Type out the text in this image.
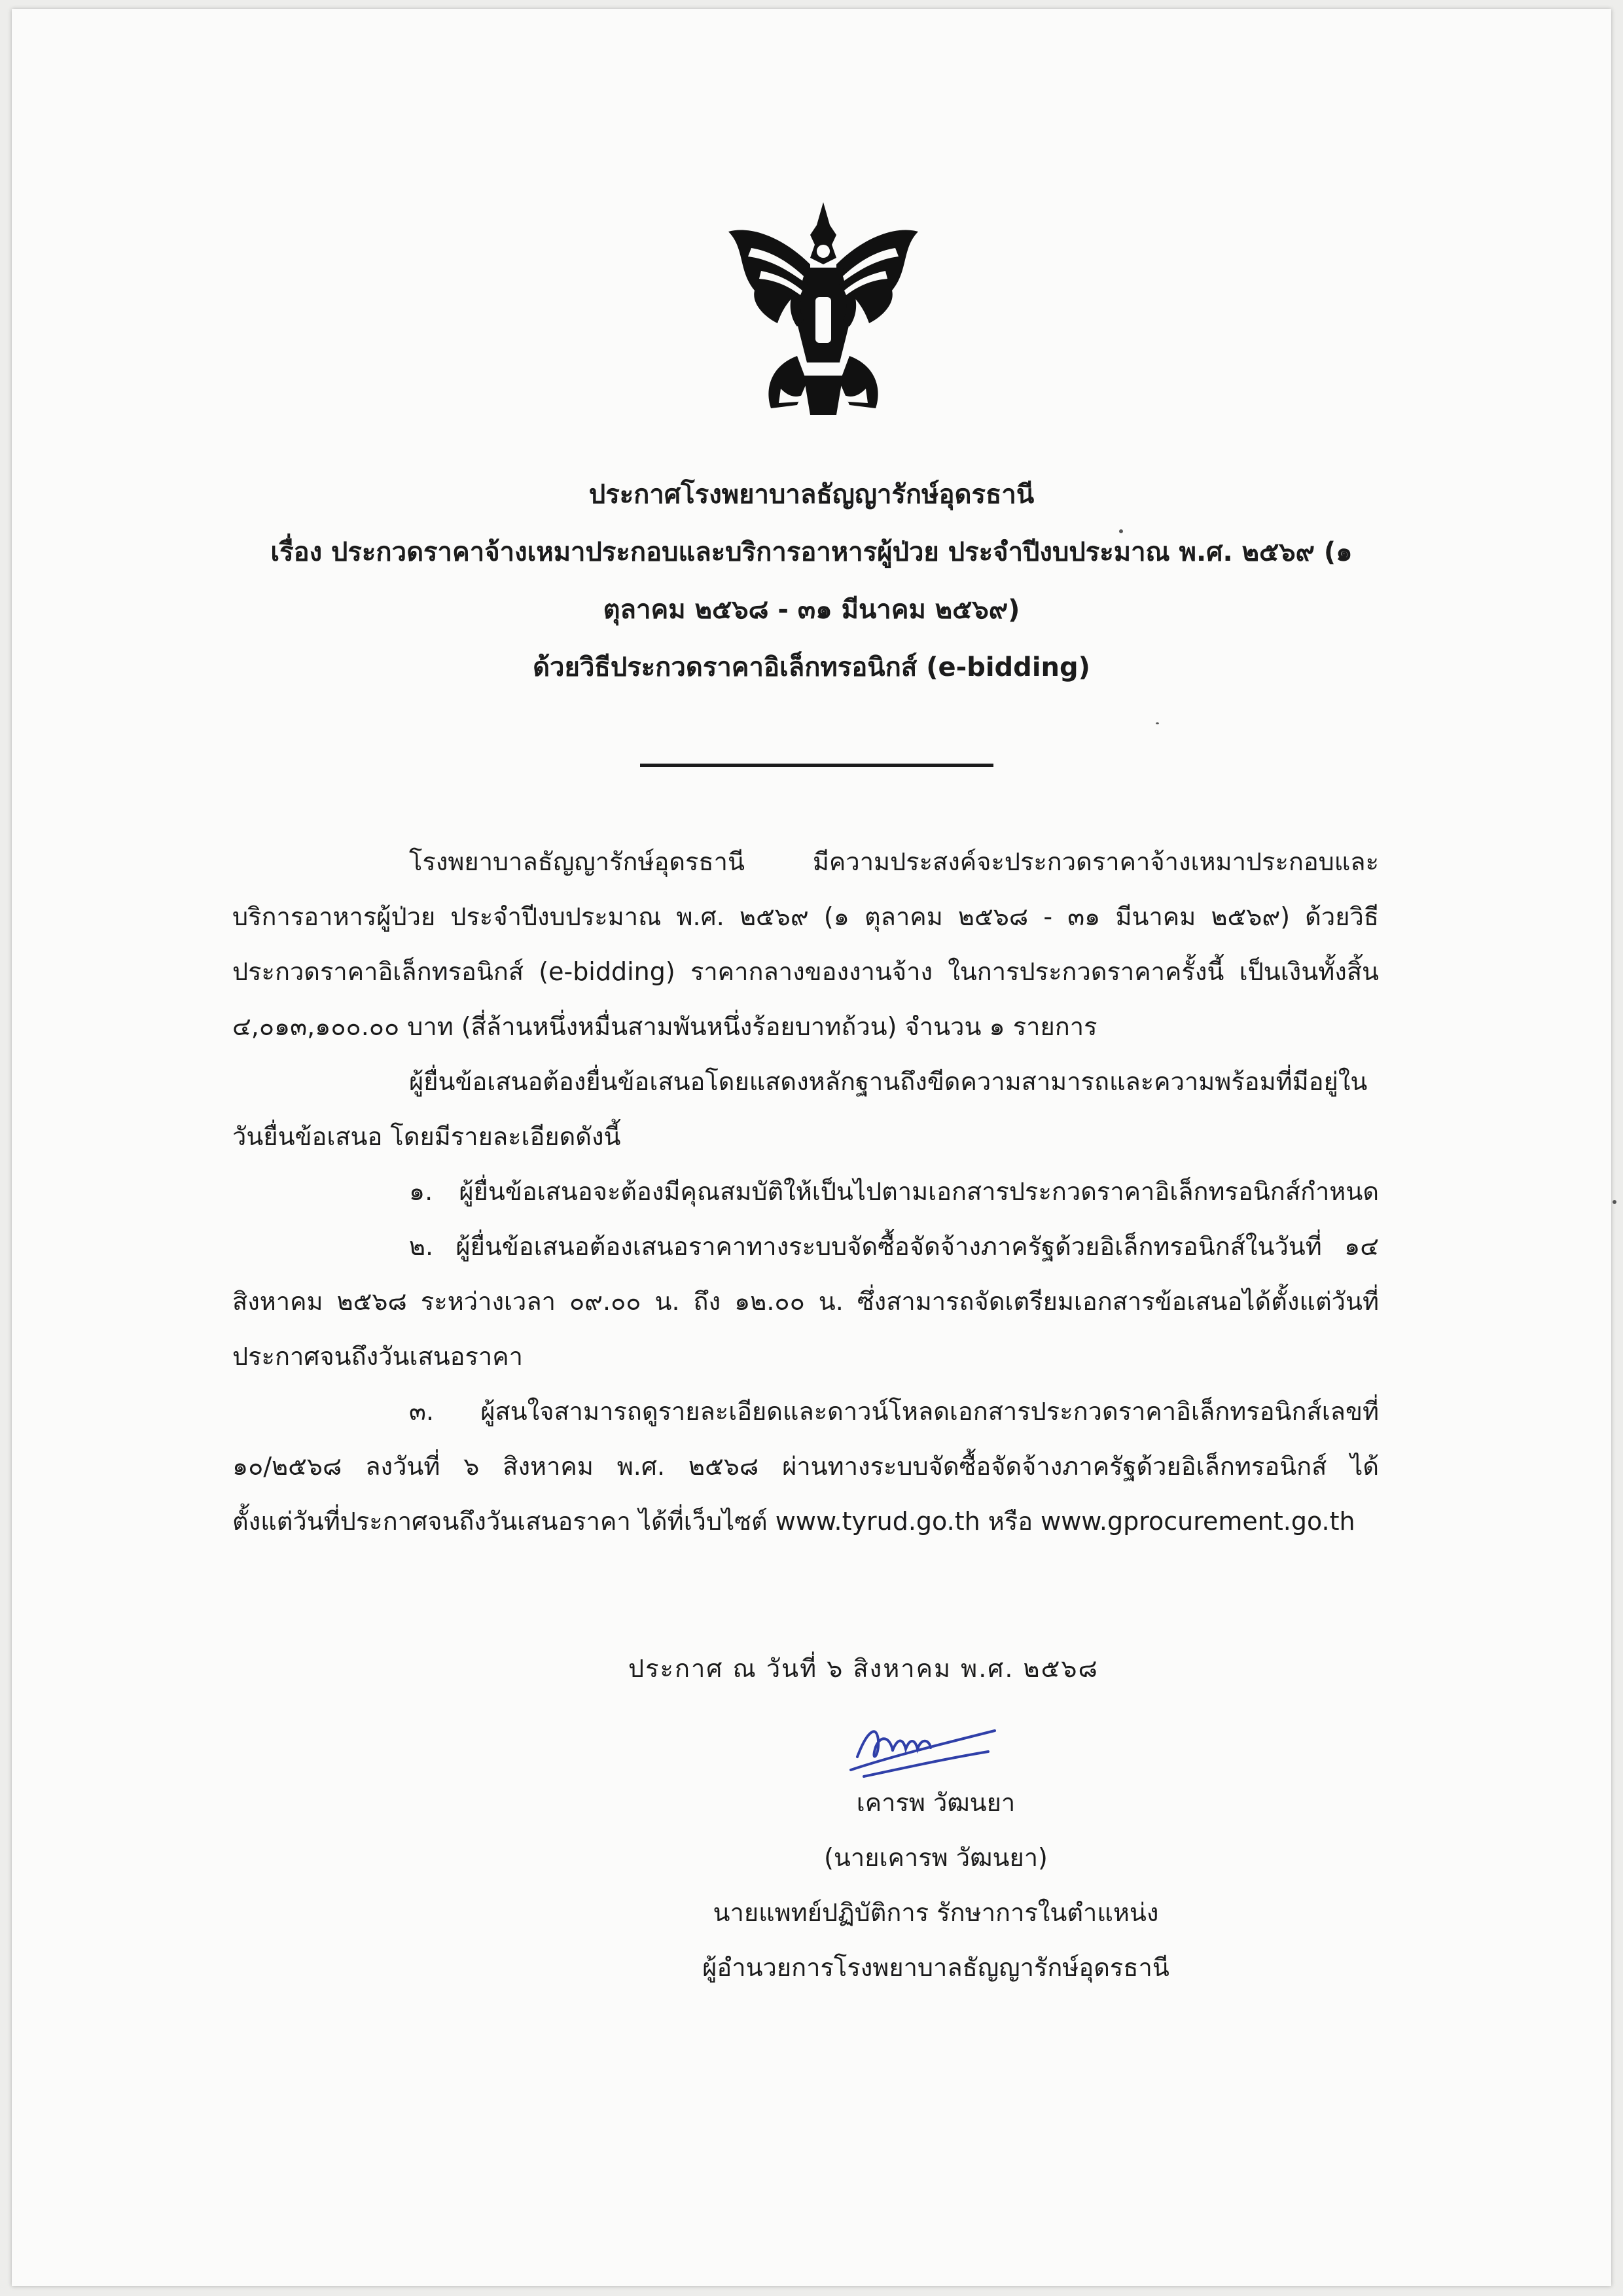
ประกาศโรงพยาบาลธัญญารักษ์อุดรธานี
เรื่อง ประกวดราคาจ้างเหมาประกอบและบริการอาหารผู้ป่วย ประจำปีงบประมาณ พ.ศ. ๒๕๖๙ (๑
ตุลาคม ๒๕๖๘ - ๓๑ มีนาคม ๒๕๖๙)
ด้วยวิธีประกวดราคาอิเล็กทรอนิกส์ (e-bidding)
โรงพยาบาลธัญญารักษ์อุดรธานี มีความประสงค์จะประกวดราคาจ้างเหมาประกอบและ
บริการอาหารผู้ป่วย ประจำปีงบประมาณ พ.ศ. ๒๕๖๙ (๑ ตุลาคม ๒๕๖๘ - ๓๑ มีนาคม ๒๕๖๙) ด้วยวิธี
ประกวดราคาอิเล็กทรอนิกส์ (e-bidding) ราคากลางของงานจ้าง ในการประกวดราคาครั้งนี้ เป็นเงินทั้งสิ้น
๔,๐๑๓,๑๐๐.๐๐ บาท (สี่ล้านหนึ่งหมื่นสามพันหนึ่งร้อยบาทถ้วน) จำนวน ๑ รายการ
ผู้ยื่นข้อเสนอต้องยื่นข้อเสนอโดยแสดงหลักฐานถึงขีดความสามารถและความพร้อมที่มีอยู่ใน
วันยื่นข้อเสนอ โดยมีรายละเอียดดังนี้
๑. ผู้ยื่นข้อเสนอจะต้องมีคุณสมบัติให้เป็นไปตามเอกสารประกวดราคาอิเล็กทรอนิกส์กำหนด
๒. ผู้ยื่นข้อเสนอต้องเสนอราคาทางระบบจัดซื้อจัดจ้างภาครัฐด้วยอิเล็กทรอนิกส์ในวันที่ ๑๔
สิงหาคม ๒๕๖๘ ระหว่างเวลา ๐๙.๐๐ น. ถึง ๑๒.๐๐ น. ซึ่งสามารถจัดเตรียมเอกสารข้อเสนอได้ตั้งแต่วันที่
ประกาศจนถึงวันเสนอราคา
๓. ผู้สนใจสามารถดูรายละเอียดและดาวน์โหลดเอกสารประกวดราคาอิเล็กทรอนิกส์เลขที่
๑๐/๒๕๖๘ ลงวันที่ ๖ สิงหาคม พ.ศ. ๒๕๖๘ ผ่านทางระบบจัดซื้อจัดจ้างภาครัฐด้วยอิเล็กทรอนิกส์ ได้
ตั้งแต่วันที่ประกาศจนถึงวันเสนอราคา ได้ที่เว็บไซต์ www.tyrud.go.th หรือ www.gprocurement.go.th
ประกาศ ณ วันที่ ๖ สิงหาคม พ.ศ. ๒๕๖๘
เคารพ วัฒนยา
(นายเคารพ วัฒนยา)
นายแพทย์ปฏิบัติการ รักษาการในตำแหน่ง
ผู้อำนวยการโรงพยาบาลธัญญารักษ์อุดรธานี
